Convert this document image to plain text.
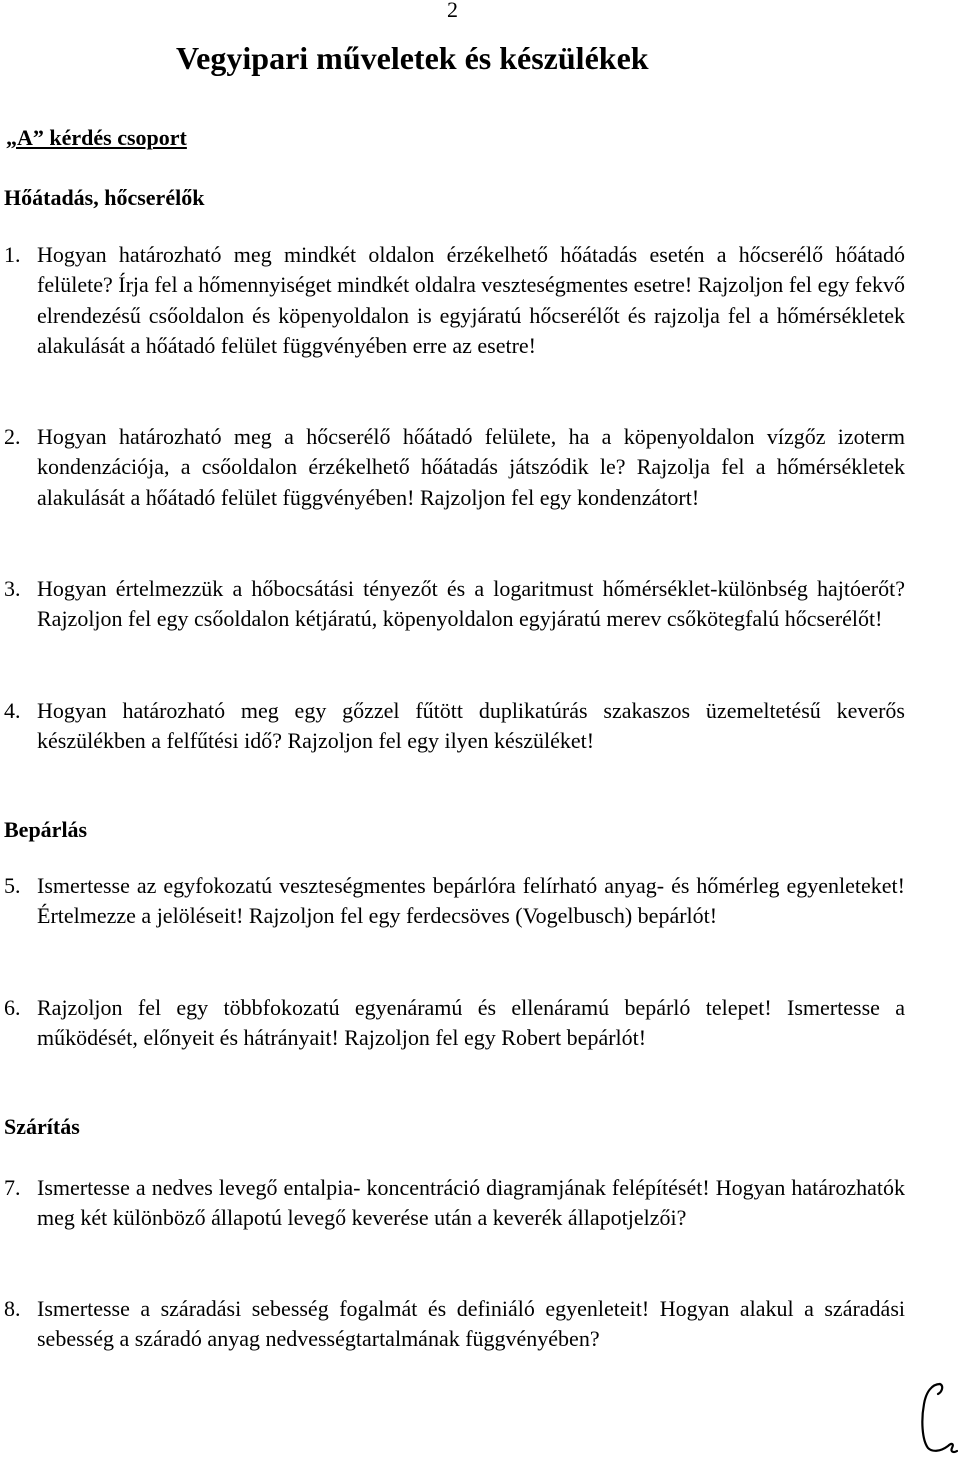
2
Vegyipari műveletek és készülékek
„A” kérdés csoport
Hőátadás, hőcserélők
1. Hogyan határozható meg mindkét oldalon érzékelhető hőátadás esetén a hőcserélő hőátadó felülete? Írja fel a hőmennyiséget mindkét oldalra veszteségmentes esetre! Rajzoljon fel egy fekvő elrendezésű csőoldalon és köpenyoldalon is egyjáratú hőcserélőt és rajzolja fel a hőmérsékletek alakulását a hőátadó felület függvényében erre az esetre!
2. Hogyan határozható meg a hőcserélő hőátadó felülete, ha a köpenyoldalon vízgőz izoterm kondenzációja, a csőoldalon érzékelhető hőátadás játszódik le? Rajzolja fel a hőmérsékletek alakulását a hőátadó felület függvényében! Rajzoljon fel egy kondenzátort!
3. Hogyan értelmezzük a hőbocsátási tényezőt és a logaritmust hőmérséklet-különbség hajtóerőt? Rajzoljon fel egy csőoldalon kétjáratú, köpenyoldalon egyjáratú merev csőkötegfalú hőcserélőt!
4. Hogyan határozható meg egy gőzzel fűtött duplikatúrás szakaszos üzemeltetésű keverős készülékben a felfűtési idő? Rajzoljon fel egy ilyen készüléket!
Bepárlás
5. Ismertesse az egyfokozatú veszteségmentes bepárlóra felírható anyag- és hőmérleg egyenleteket! Értelmezze a jelöléseit! Rajzoljon fel egy ferdecsöves (Vogelbusch) bepárlót!
6. Rajzoljon fel egy többfokozatú egyenáramú és ellenáramú bepárló telepet! Ismertesse a működését, előnyeit és hátrányait! Rajzoljon fel egy Robert bepárlót!
Szárítás
7. Ismertesse a nedves levegő entalpia- koncentráció diagramjának felépítését! Hogyan határozhatók meg két különböző állapotú levegő keverése után a keverék állapotjelzői?
8. Ismertesse a száradási sebesség fogalmát és definiáló egyenleteit! Hogyan alakul a száradási sebesség a száradó anyag nedvességtartalmának függvényében?
